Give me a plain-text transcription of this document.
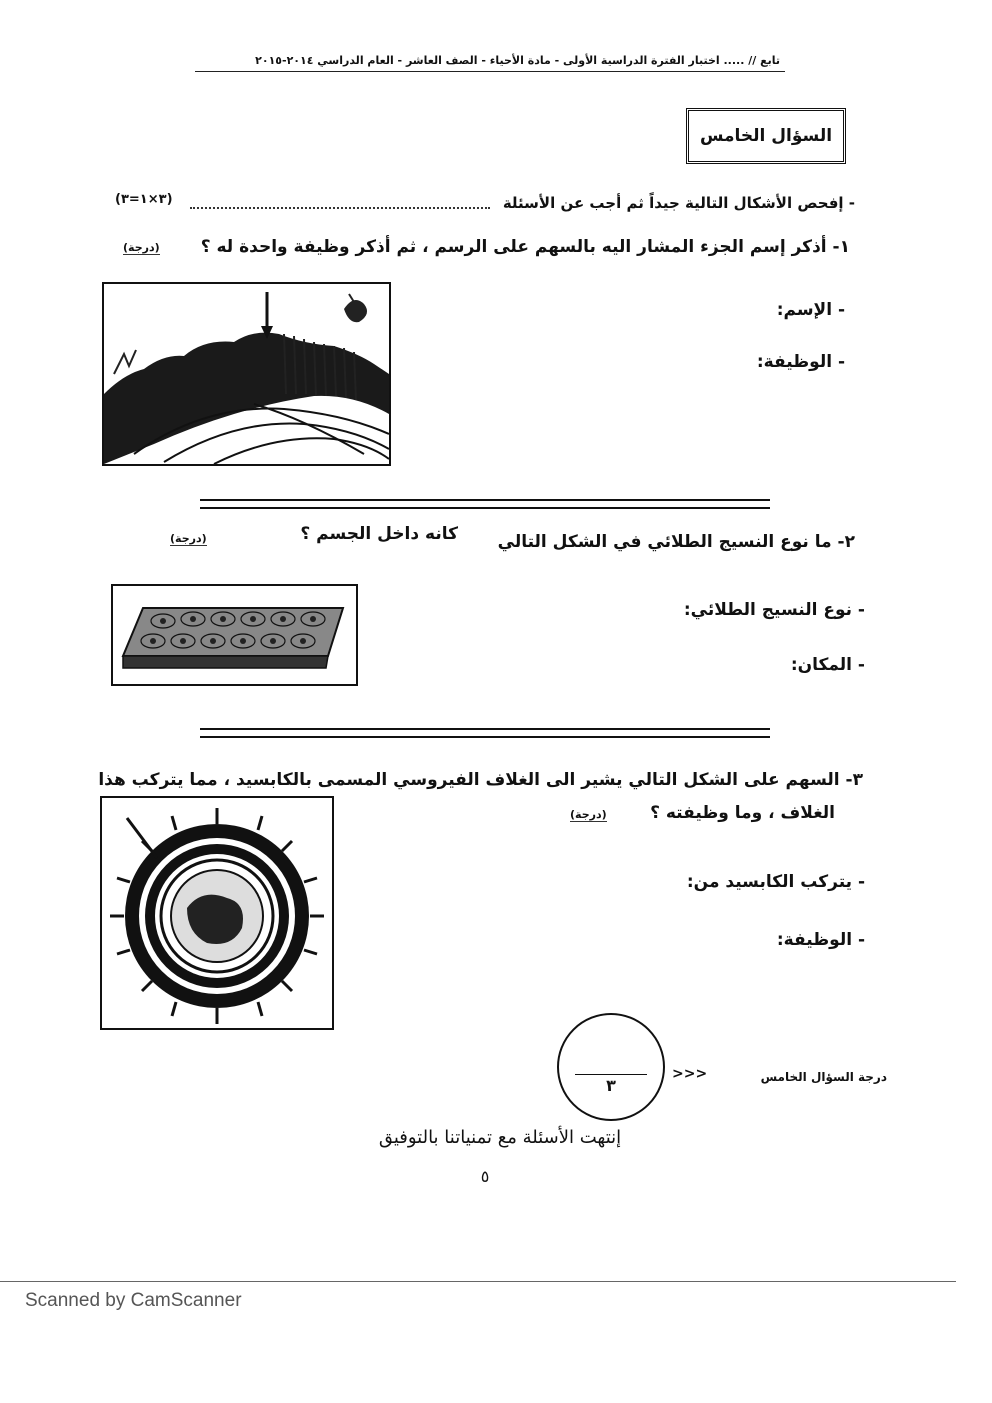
تابع // ..... اختبار الفترة الدراسية الأولى - مادة الأحياء - الصف العاشر - العام الدراسي ٢٠١٤-٢٠١٥
السؤال الخامس
- إفحص الأشكال التالية جيداً ثم أجب عن الأسئلة
(٣×١=٣)
١- أذكر إسم الجزء المشار اليه بالسهم على الرسم ، ثم أذكر وظيفة واحدة له ؟
(درجة)
- الإسم:
- الوظيفة:
٢- ما نوع النسيج الطلائي في الشكل التالي
كانه داخل الجسم ؟
(درجة)
- نوع النسيج الطلائي:
- المكان:
٣- السهم على الشكل التالي يشير الى الغلاف الفيروسي المسمى بالكابسيد ، مما يتركب هذا
الغلاف ، وما وظيفته ؟
(درجة)
- يتركب الكابسيد من:
- الوظيفة:
٣
>>>	درجة السؤال الخامس
إنتهت الأسئلة مع تمنياتنا بالتوفيق
٥
Scanned by CamScanner
